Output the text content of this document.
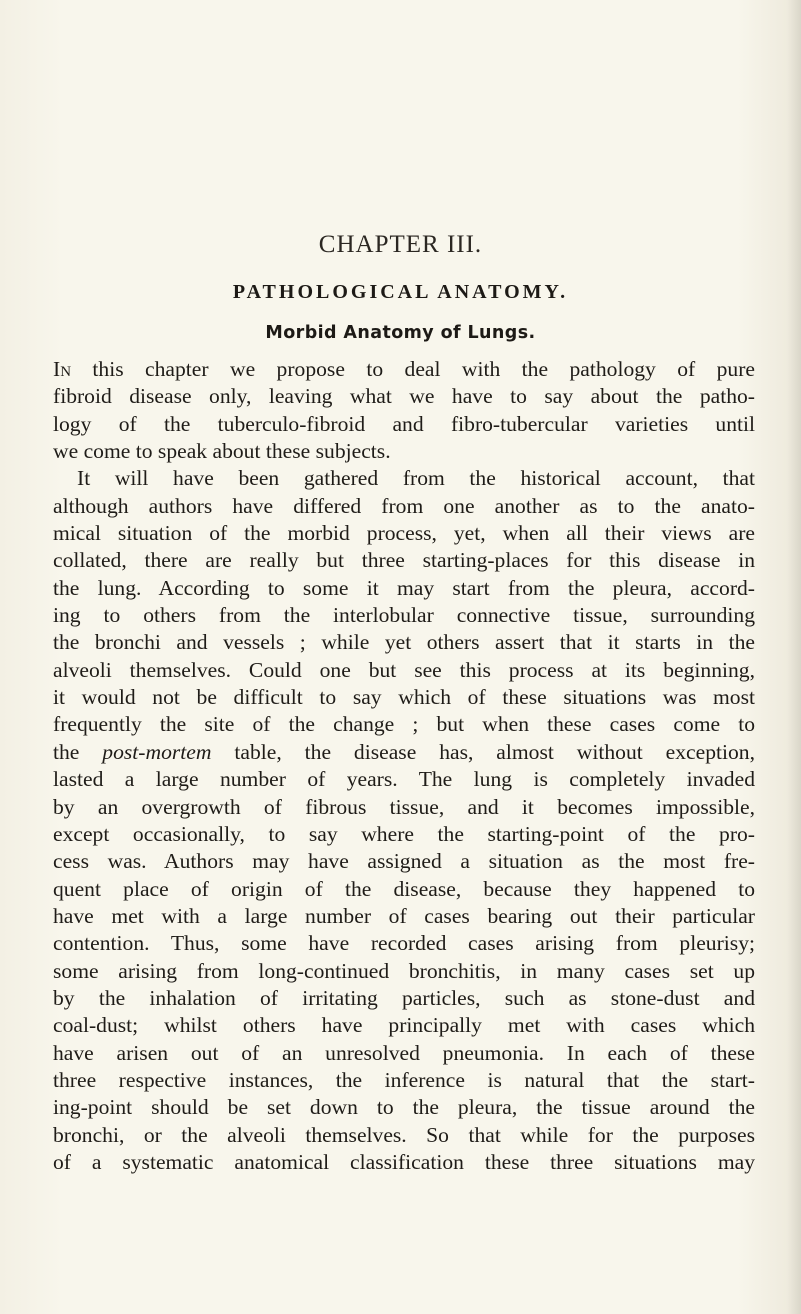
CHAPTER III.
PATHOLOGICAL ANATOMY.
Morbid Anatomy of Lungs.
In this chapter we propose to deal with the pathology of pure
fibroid disease only, leaving what we have to say about the patho-
logy of the tuberculo-fibroid and fibro-tubercular varieties until
we come to speak about these subjects.
It will have been gathered from the historical account, that
although authors have differed from one another as to the anato-
mical situation of the morbid process, yet, when all their views are
collated, there are really but three starting-places for this disease in
the lung. According to some it may start from the pleura, accord-
ing to others from the interlobular connective tissue, surrounding
the bronchi and vessels ; while yet others assert that it starts in the
alveoli themselves. Could one but see this process at its beginning,
it would not be difficult to say which of these situations was most
frequently the site of the change ; but when these cases come to
the post-mortem table, the disease has, almost without exception,
lasted a large number of years. The lung is completely invaded
by an overgrowth of fibrous tissue, and it becomes impossible,
except occasionally, to say where the starting-point of the pro-
cess was. Authors may have assigned a situation as the most fre-
quent place of origin of the disease, because they happened to
have met with a large number of cases bearing out their particular
contention. Thus, some have recorded cases arising from pleurisy;
some arising from long-continued bronchitis, in many cases set up
by the inhalation of irritating particles, such as stone-dust and
coal-dust; whilst others have principally met with cases which
have arisen out of an unresolved pneumonia. In each of these
three respective instances, the inference is natural that the start-
ing-point should be set down to the pleura, the tissue around the
bronchi, or the alveoli themselves. So that while for the purposes
of a systematic anatomical classification these three situations may
